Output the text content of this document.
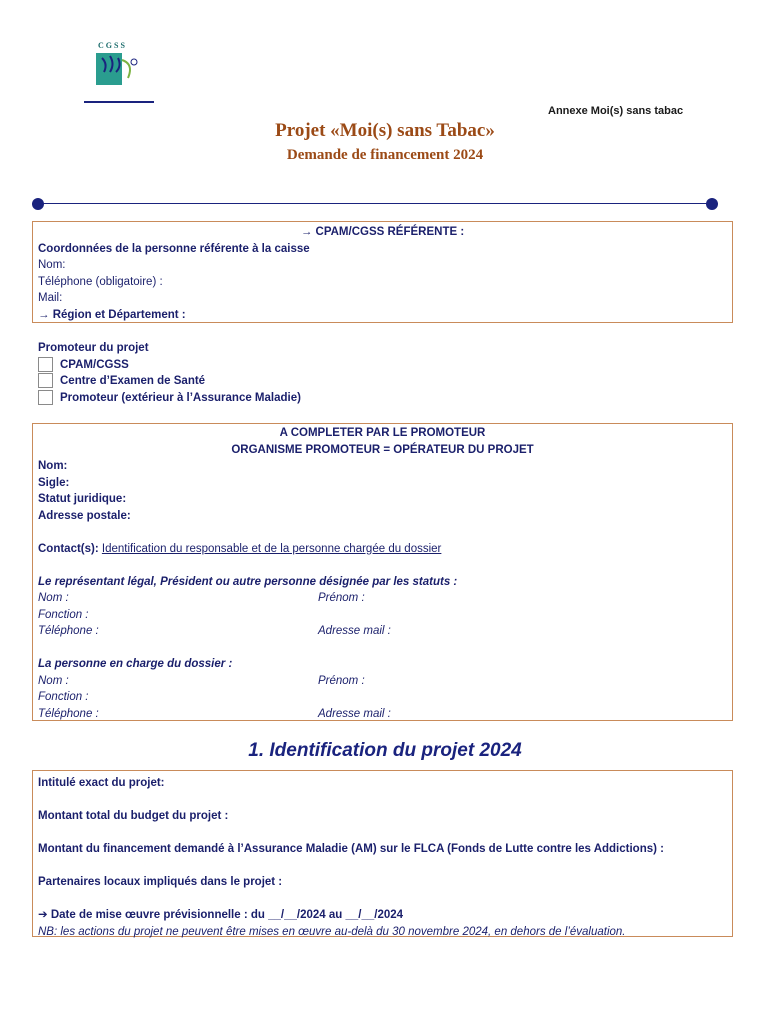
CGSS
Annexe Moi(s) sans tabac
Projet «Moi(s) sans Tabac»
Demande de financement 2024
→ CPAM/CGSS RÉFÉRENTE :
Coordonnées de la personne référente à la caisse
Nom:
Téléphone (obligatoire) :
Mail:
→ Région et Département :
Promoteur du projet
CPAM/CGSS
Centre d’Examen de Santé
Promoteur (extérieur à l’Assurance Maladie)
A COMPLETER PAR LE PROMOTEUR
ORGANISME PROMOTEUR = OPÉRATEUR DU PROJET
Nom:
Sigle:
Statut juridique:
Adresse postale:

Contact(s): Identification du responsable et de la personne chargée du dossier

Le représentant légal, Président ou autre personne désignée par les statuts :
Nom :	Prénom :
Fonction :
Téléphone :	Adresse mail :

La personne en charge du dossier :
Nom :	Prénom :
Fonction :
Téléphone :	Adresse mail :
1. Identification du projet 2024
Intitulé exact du projet:

Montant total du budget du projet :

Montant du financement demandé à l’Assurance Maladie (AM) sur le FLCA (Fonds de Lutte contre les Addictions) :

Partenaires locaux impliqués dans le projet :

➔ Date de mise œuvre prévisionnelle : du __/__/2024 au __/__/2024
NB: les actions du projet ne peuvent être mises en œuvre au-delà du 30 novembre 2024, en dehors de l’évaluation.
